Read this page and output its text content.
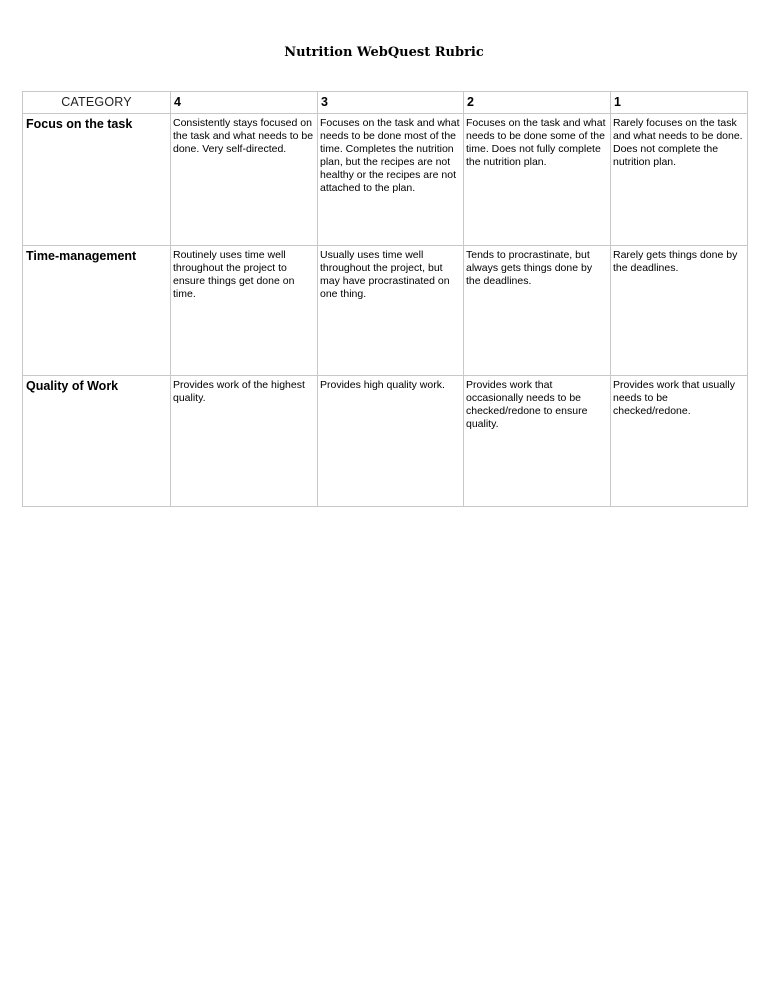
Nutrition WebQuest Rubric
CATEGORY	4	3	2	1
Focus on the task	Consistently stays focused on the task and what needs to be done. Very self-directed.	Focuses on the task and what needs to be done most of the time. Completes the nutrition plan, but the recipes are not healthy or the recipes are not attached to the plan.	Focuses on the task and what needs to be done some of the time. Does not fully complete the nutrition plan.	Rarely focuses on the task and what needs to be done. Does not complete the nutrition plan.
Time-management	Routinely uses time well throughout the project to ensure things get done on time.	Usually uses time well throughout the project, but may have procrastinated on one thing.	Tends to procrastinate, but always gets things done by the deadlines.	Rarely gets things done by the deadlines.
Quality of Work	Provides work of the highest quality.	Provides high quality work.	Provides work that occasionally needs to be checked/redone to ensure quality.	Provides work that usually needs to be checked/redone.
